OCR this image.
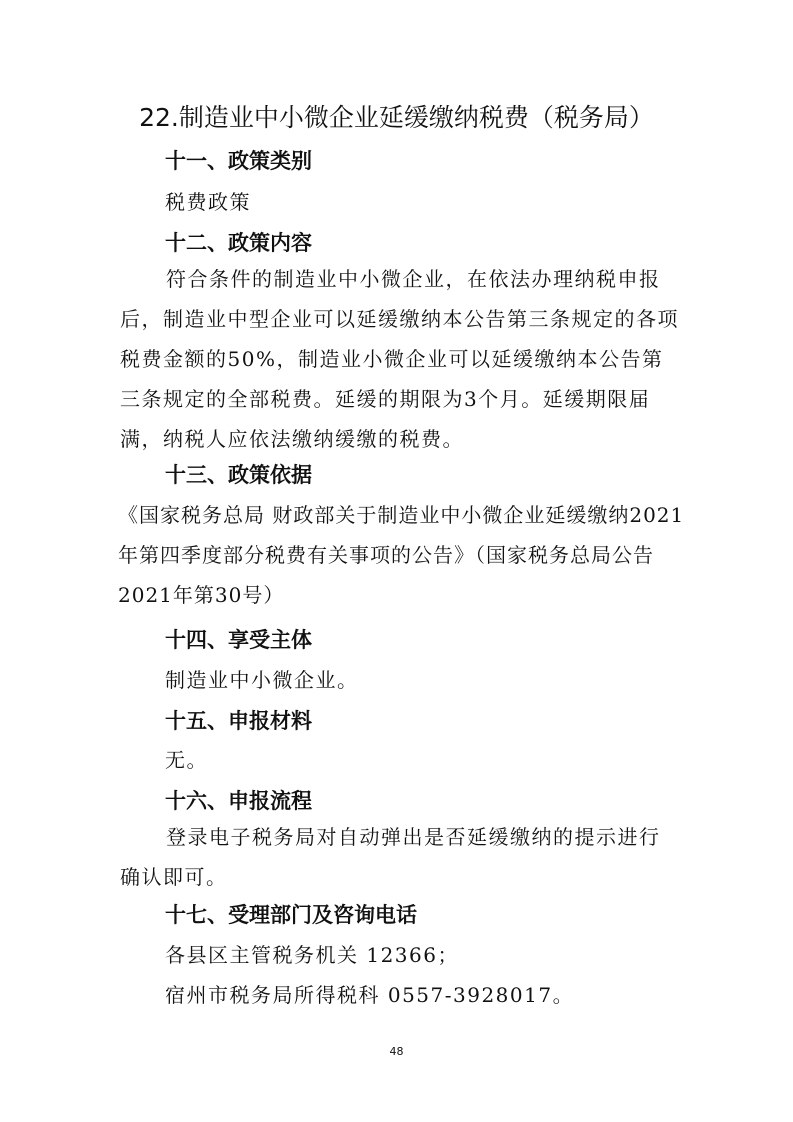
22.制造业中小微企业延缓缴纳税费（税务局）
十一、政策类别

税费政策

十二、政策内容

符合条件的制造业中小微企业，在依法办理纳税申报后，制造业中型企业可以延缓缴纳本公告第三条规定的各项税费金额的50%，制造业小微企业可以延缓缴纳本公告第三条规定的全部税费。延缓的期限为3个月。延缓期限届满，纳税人应依法缴纳缓缴的税费。

十三、政策依据

《国家税务总局 财政部关于制造业中小微企业延缓缴纳2021年第四季度部分税费有关事项的公告》（国家税务总局公告2021年第30号）

十四、享受主体

制造业中小微企业。

十五、申报材料

无。

十六、申报流程

登录电子税务局对自动弹出是否延缓缴纳的提示进行确认即可。

十七、受理部门及咨询电话

各县区主管税务机关 12366；

宿州市税务局所得税科 0557-3928017。

48
